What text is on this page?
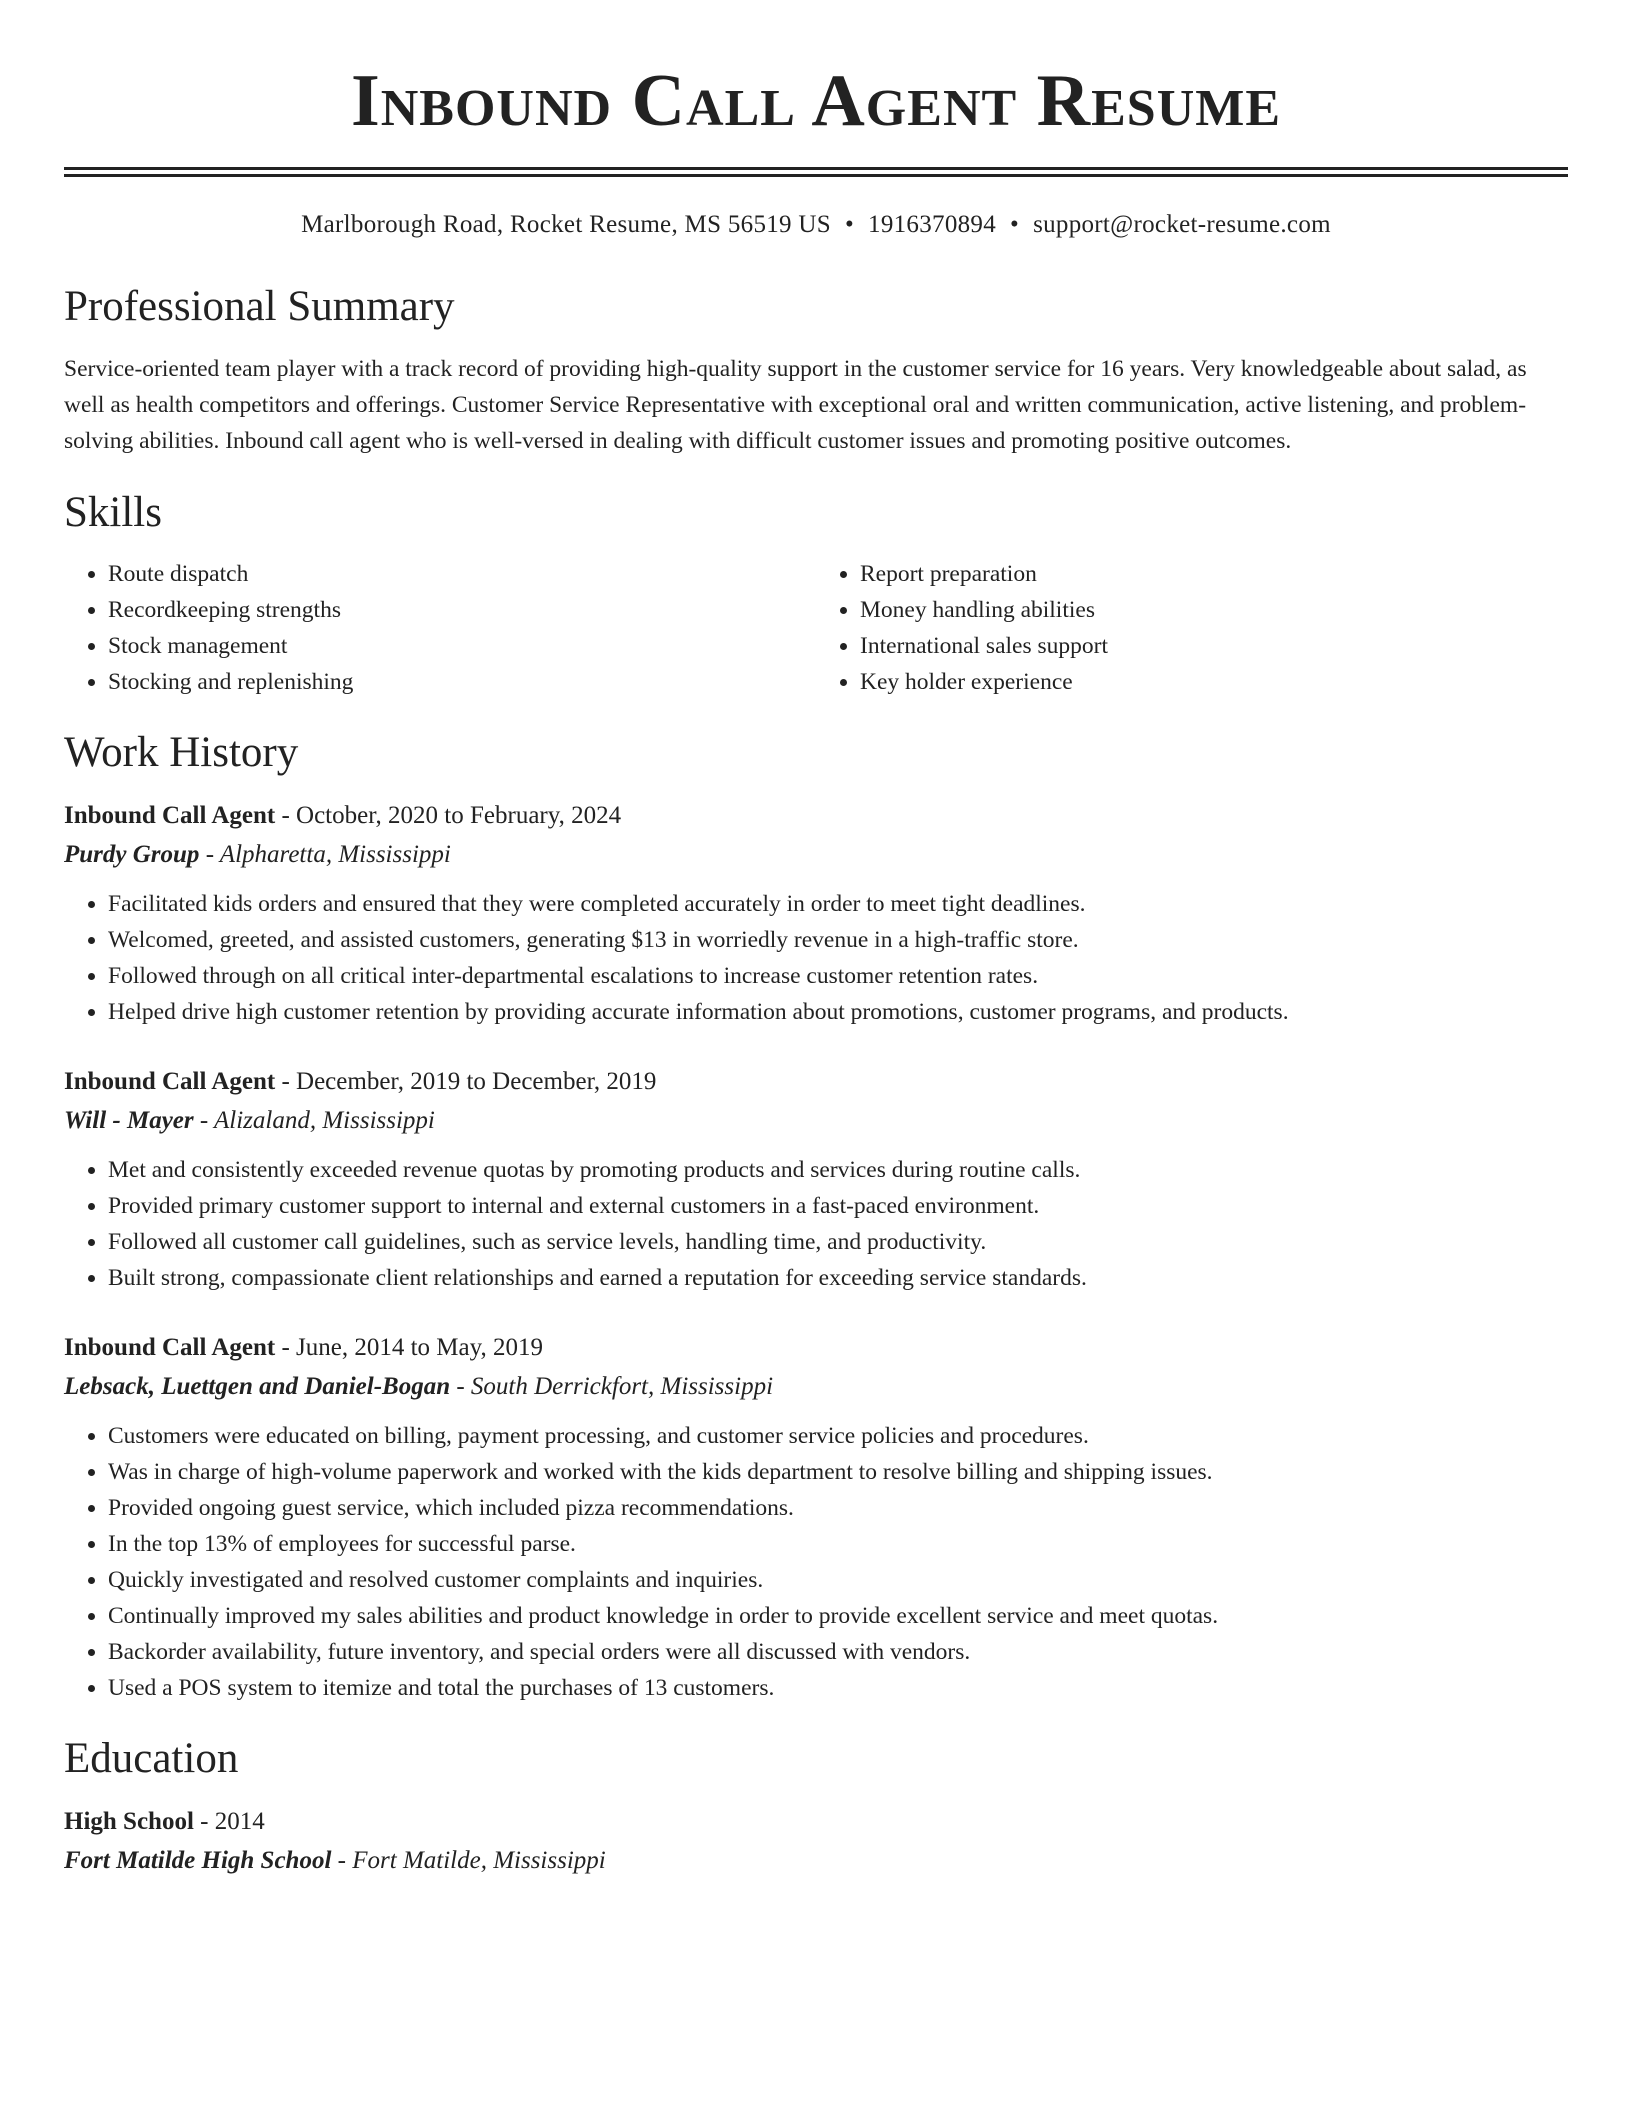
Inbound Call Agent Resume
Marlborough Road, Rocket Resume, MS 56519 US • 1916370894 • support@rocket-resume.com
Professional Summary

Service-oriented team player with a track record of providing high-quality support in the customer service for 16 years. Very knowledgeable about salad, as well as health competitors and offerings. Customer Service Representative with exceptional oral and written communication, active listening, and problem-solving abilities. Inbound call agent who is well-versed in dealing with difficult customer issues and promoting positive outcomes.

Skills
• Route dispatch
• Recordkeeping strengths
• Stock management
• Stocking and replenishing
• Report preparation
• Money handling abilities
• International sales support
• Key holder experience
Work History
Inbound Call Agent - October, 2020 to February, 2024
Purdy Group - Alpharetta, Mississippi
• Facilitated kids orders and ensured that they were completed accurately in order to meet tight deadlines.
• Welcomed, greeted, and assisted customers, generating $13 in worriedly revenue in a high-traffic store.
• Followed through on all critical inter-departmental escalations to increase customer retention rates.
• Helped drive high customer retention by providing accurate information about promotions, customer programs, and products.
Inbound Call Agent - December, 2019 to December, 2019
Will - Mayer - Alizaland, Mississippi
• Met and consistently exceeded revenue quotas by promoting products and services during routine calls.
• Provided primary customer support to internal and external customers in a fast-paced environment.
• Followed all customer call guidelines, such as service levels, handling time, and productivity.
• Built strong, compassionate client relationships and earned a reputation for exceeding service standards.
Inbound Call Agent - June, 2014 to May, 2019
Lebsack, Luettgen and Daniel-Bogan - South Derrickfort, Mississippi
• Customers were educated on billing, payment processing, and customer service policies and procedures.
• Was in charge of high-volume paperwork and worked with the kids department to resolve billing and shipping issues.
• Provided ongoing guest service, which included pizza recommendations.
• In the top 13% of employees for successful parse.
• Quickly investigated and resolved customer complaints and inquiries.
• Continually improved my sales abilities and product knowledge in order to provide excellent service and meet quotas.
• Backorder availability, future inventory, and special orders were all discussed with vendors.
• Used a POS system to itemize and total the purchases of 13 customers.
Education
High School - 2014
Fort Matilde High School - Fort Matilde, Mississippi
